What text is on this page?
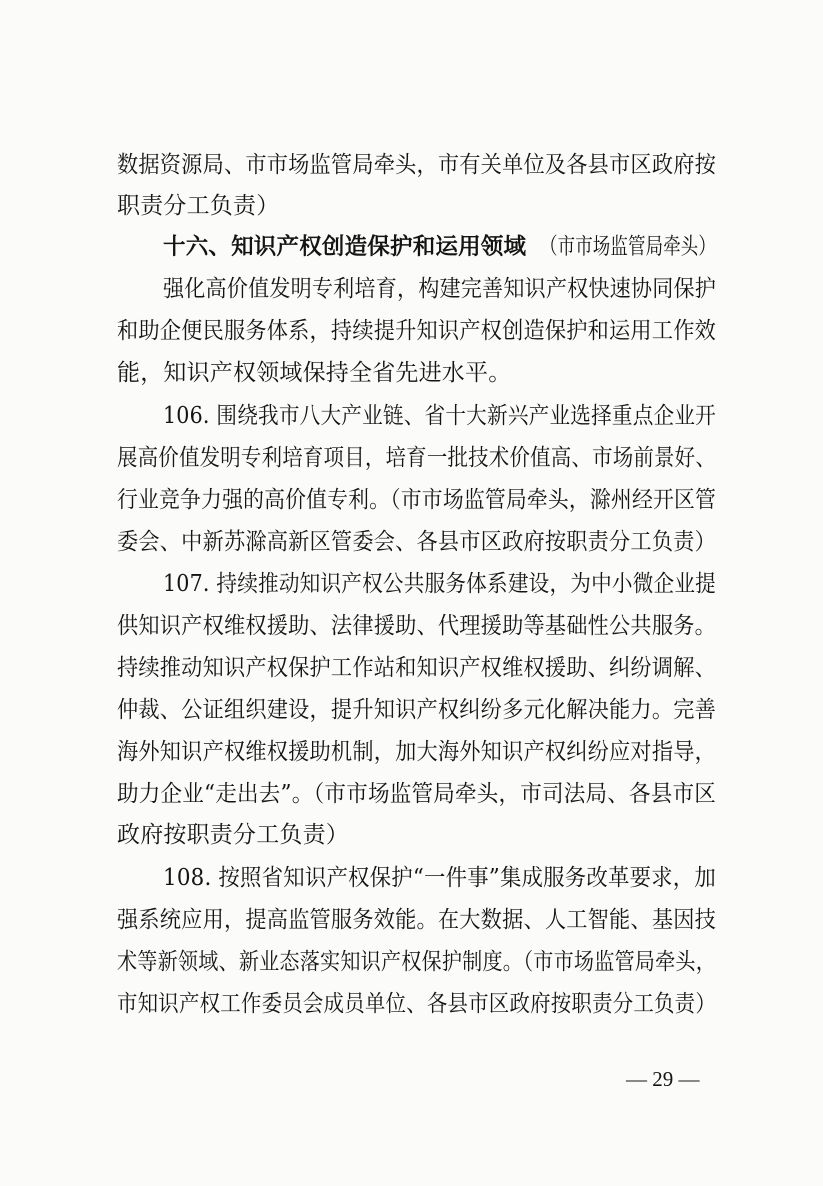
数据资源局、市市场监管局牵头，市有关单位及各县市区政府按
职责分工负责）
十六、知识产权创造保护和运用领域 （市市场监管局牵头）
强化高价值发明专利培育，构建完善知识产权快速协同保护
和助企便民服务体系，持续提升知识产权创造保护和运用工作效
能，知识产权领域保持全省先进水平。
106. 围绕我市八大产业链、省十大新兴产业选择重点企业开
展高价值发明专利培育项目，培育一批技术价值高、市场前景好、
行业竞争力强的高价值专利。（市市场监管局牵头，滁州经开区管
委会、中新苏滁高新区管委会、各县市区政府按职责分工负责）
107. 持续推动知识产权公共服务体系建设，为中小微企业提
供知识产权维权援助、法律援助、代理援助等基础性公共服务。
持续推动知识产权保护工作站和知识产权维权援助、纠纷调解、
仲裁、公证组织建设，提升知识产权纠纷多元化解决能力。完善
海外知识产权维权援助机制，加大海外知识产权纠纷应对指导，
助力企业“走出去”。（市市场监管局牵头，市司法局、各县市区
政府按职责分工负责）
108. 按照省知识产权保护“一件事”集成服务改革要求，加
强系统应用，提高监管服务效能。在大数据、人工智能、基因技
术等新领域、新业态落实知识产权保护制度。（市市场监管局牵头，
市知识产权工作委员会成员单位、各县市区政府按职责分工负责）
— 29 —
